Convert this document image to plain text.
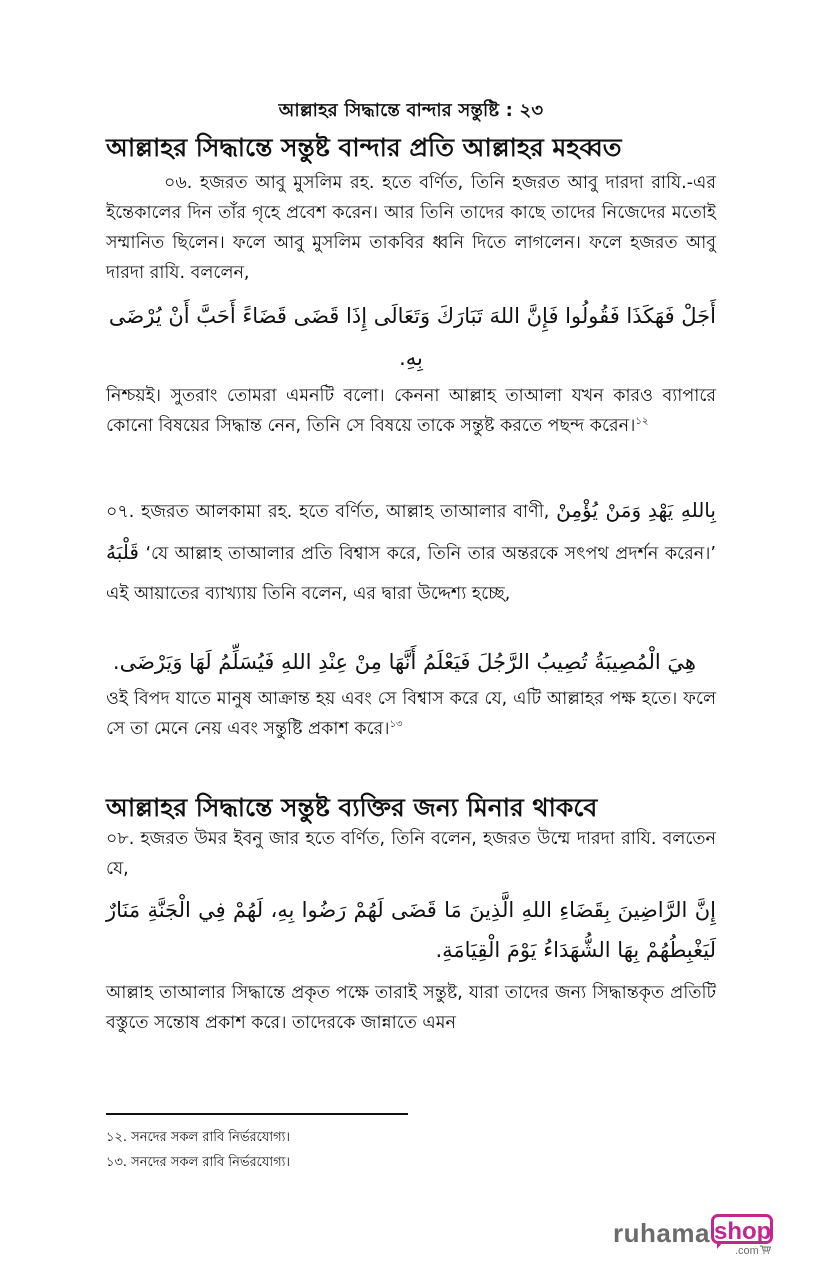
আল্লাহর সিদ্ধান্তে বান্দার সন্তুষ্টি : ২৩
আল্লাহর সিদ্ধান্তে সন্তুষ্ট বান্দার প্রতি আল্লাহর মহব্বত
০৬. হজরত আবু মুসলিম রহ. হতে বর্ণিত, তিনি হজরত আবু দারদা রাযি.-এর ইন্তেকালের দিন তাঁর গৃহে প্রবেশ করেন। আর তিনি তাদের কাছে তাদের নিজেদের মতোই সম্মানিত ছিলেন। ফলে আবু মুসলিম তাকবির ধ্বনি দিতে লাগলেন। ফলে হজরত আবু দারদা রাযি. বললেন,
أَجَلْ فَهَكَذَا فَقُولُوا فَإِنَّ اللهَ تَبَارَكَ وَتَعَالَى إِذَا قَضَى قَضَاءً أَحَبَّ أَنْ يُرْضَى
بِهِ.
নিশ্চয়ই। সুতরাং তোমরা এমনটি বলো। কেননা আল্লাহ তাআলা যখন কারও ব্যাপারে কোনো বিষয়ের সিদ্ধান্ত নেন, তিনি সে বিষয়ে তাকে সন্তুষ্ট করতে পছন্দ করেন।$^{১২}$
০৭. হজরত আলকামা রহ. হতে বর্ণিত, আল্লাহ তাআলার বাণী, وَمَنْ يُؤْمِنْ بِاللهِ يَهْدِ قَلْبَهُ ‘যে আল্লাহ তাআলার প্রতি বিশ্বাস করে, তিনি তার অন্তরকে সৎপথ প্রদর্শন করেন।’ এই আয়াতের ব্যাখ্যায় তিনি বলেন, এর দ্বারা উদ্দেশ্য হচ্ছে,
هِيَ الْمُصِيبَةُ تُصِيبُ الرَّجُلَ فَيَعْلَمُ أَنَّهَا مِنْ عِنْدِ اللهِ فَيُسَلِّمُ لَهَا وَيَرْضَى.
ওই বিপদ যাতে মানুষ আক্রান্ত হয় এবং সে বিশ্বাস করে যে, এটি আল্লাহর পক্ষ হতে। ফলে সে তা মেনে নেয় এবং সন্তুষ্টি প্রকাশ করে।$^{১৩}$
আল্লাহর সিদ্ধান্তে সন্তুষ্ট ব্যক্তির জন্য মিনার থাকবে
০৮. হজরত উমর ইবনু জার হতে বর্ণিত, তিনি বলেন, হজরত উম্মে দারদা রাযি. বলতেন যে,
إِنَّ الرَّاضِينَ بِقَضَاءِ اللهِ الَّذِينَ مَا قَضَى لَهُمْ رَضُوا بِهِ، لَهُمْ فِي الْجَنَّةِ مَنَارٌ لَيَغْبِطُهُمْ بِهَا الشُّهَدَاءُ يَوْمَ الْقِيَامَةِ.
আল্লাহ তাআলার সিদ্ধান্তে প্রকৃত পক্ষে তারাই সন্তুষ্ট, যারা তাদের জন্য সিদ্ধান্তকৃত প্রতিটি বস্তুতে সন্তোষ প্রকাশ করে। তাদেরকে জান্নাতে এমন
১২. সনদের সকল রাবি নির্ভরযোগ্য।
১৩. সনদের সকল রাবি নির্ভরযোগ্য।
ruhama shop
.com
